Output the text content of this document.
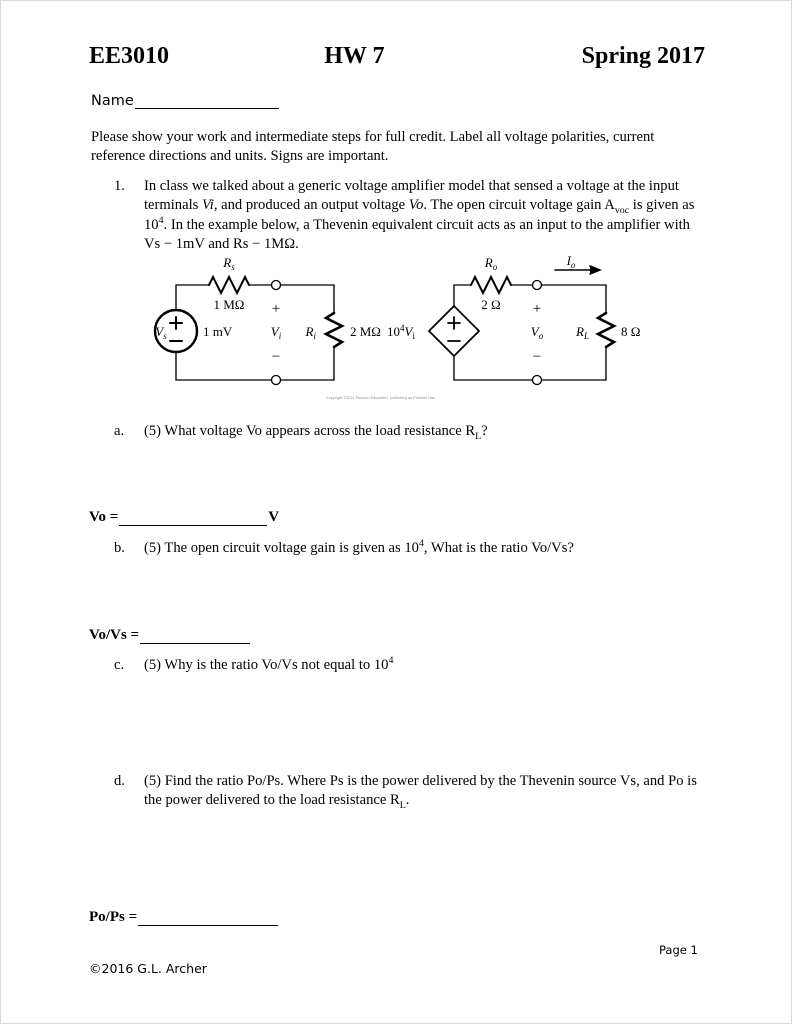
EE3010	HW 7	Spring 2017
Name
Please show your work and intermediate steps for full credit. Label all voltage polarities, current reference directions and units. Signs are important.
1.	In class we talked about a generic voltage amplifier model that sensed a voltage at the input terminals Vi, and produced an output voltage Vo. The open circuit voltage gain $A_{voc}$ is given as $10^4$. In the example below, a Thevenin equivalent circuit acts as an input to the amplifier with Vs − 1mV and Rs − 1MΩ.
$R_s$
1 MΩ
$V_s$	1 mV
+
$V_i$
−
$R_i$	2 MΩ $10^4V_i$
$R_o$
2 Ω
$I_o$
+
$V_o$
−
$R_L$ 8 Ω
Copyright ©2014 Pearson Education, publishing as Prentice Hall
a.	(5) What voltage Vo appears across the load resistance $R_L$?
Vo =	V
b.	(5) The open circuit voltage gain is given as $10^4$, What is the ratio Vo/Vs?
Vo/Vs =
c.	(5) Why is the ratio Vo/Vs not equal to $10^4$
d.	(5) Find the ratio Po/Ps. Where Ps is the power delivered by the Thevenin source Vs, and Po is the power delivered to the load resistance $R_L$.
Po/Ps =
Page 1
©2016 G.L. Archer
